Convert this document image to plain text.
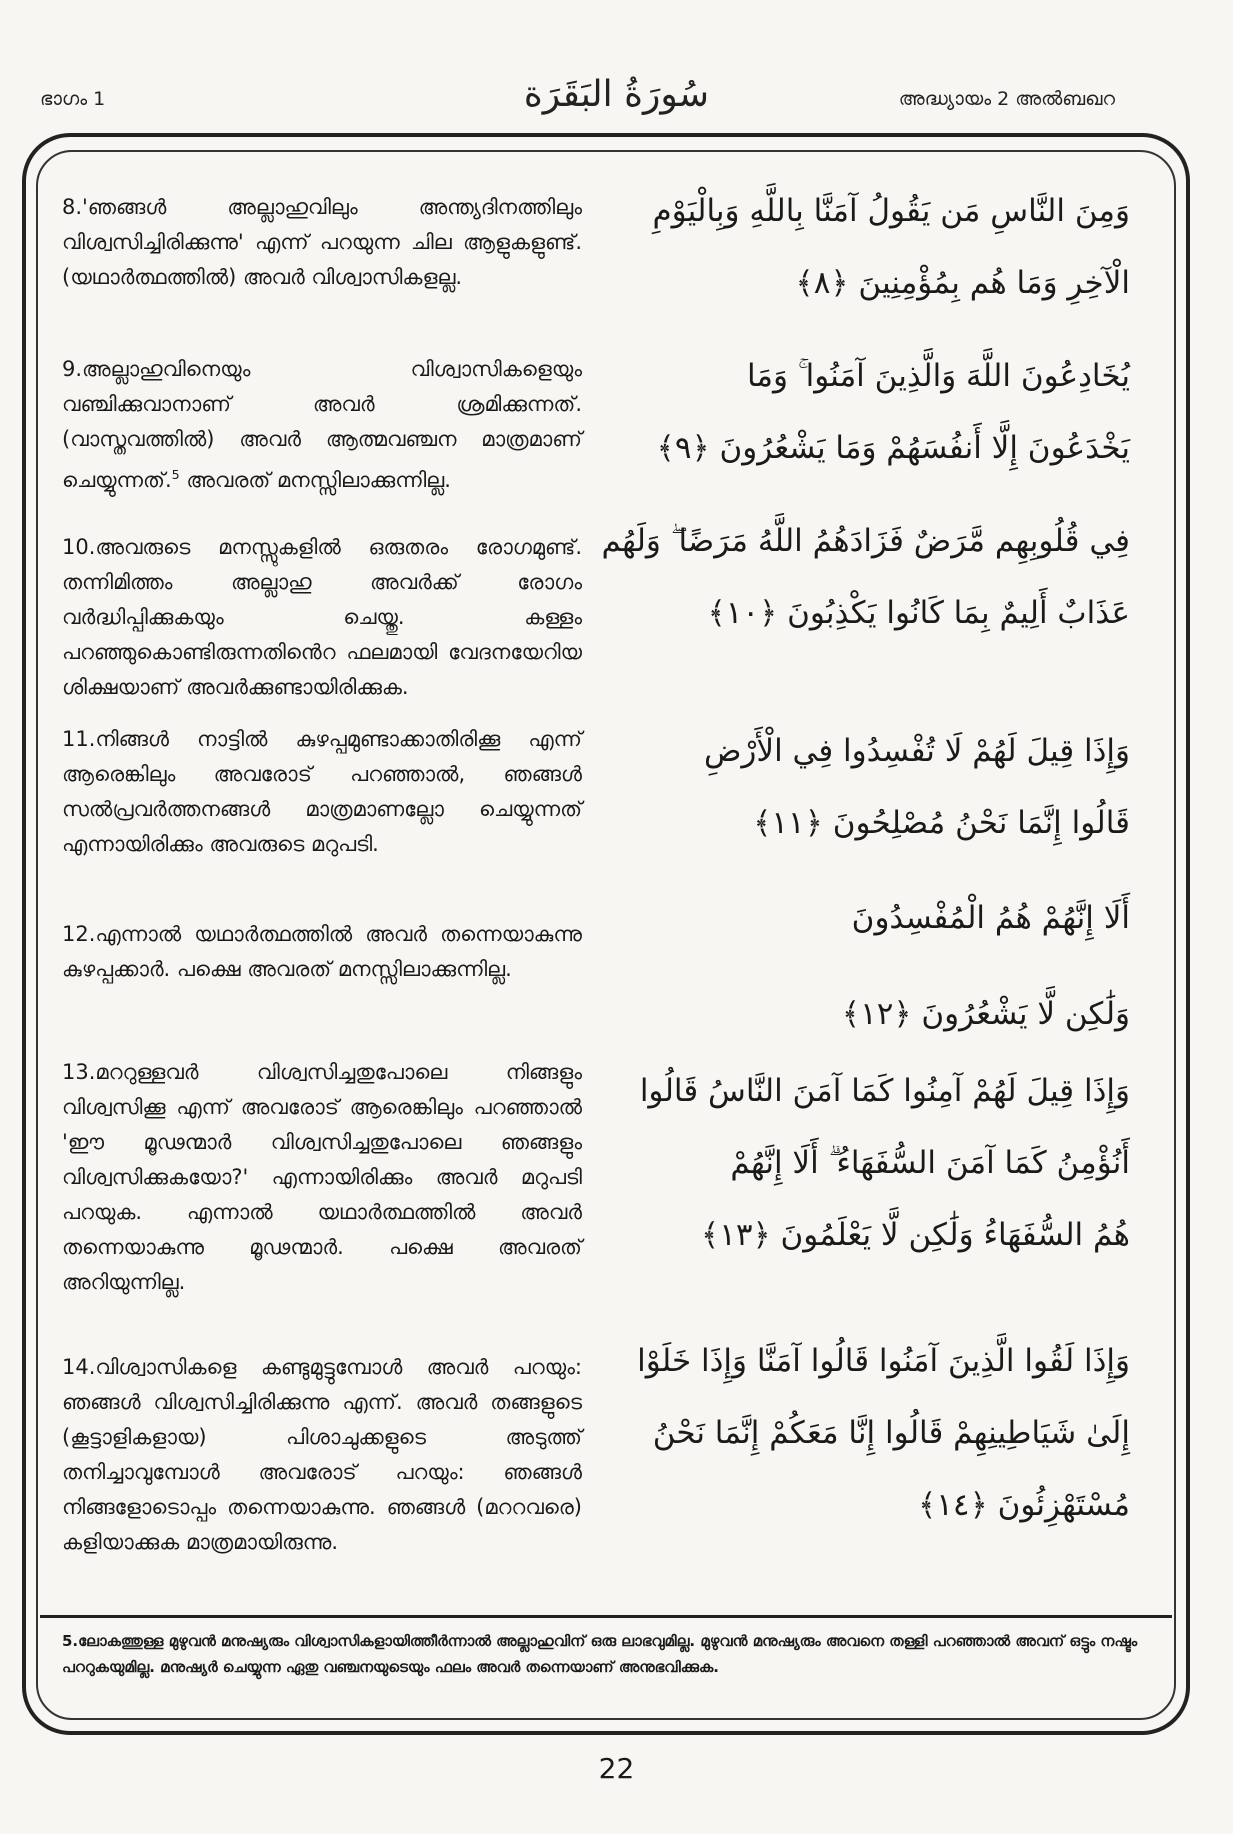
ഭാഗം 1	سُورَةُ البَقَرَة	അദ്ധ്യായം 2 അൽബഖറ
8.'ഞങ്ങൾ അല്ലാഹുവിലും അന്ത്യദിനത്തിലും വിശ്വസിച്ചിരിക്കുന്നു' എന്ന് പറയുന്ന ചില ആളുകളുണ്ട്. (യഥാർത്ഥത്തിൽ) അവർ വിശ്വാസികളല്ല.
9.അല്ലാഹുവിനെയും വിശ്വാസികളെയും വഞ്ചിക്കുവാനാണ് അവർ ശ്രമിക്കുന്നത്. (വാസ്തവത്തിൽ) അവർ ആത്മവഞ്ചന മാത്രമാണ് ചെയ്യുന്നത്.$^5$ അവരത് മനസ്സിലാക്കുന്നില്ല.
10.അവരുടെ മനസ്സുകളിൽ ഒരുതരം രോഗമുണ്ട്. തന്നിമിത്തം അല്ലാഹു അവർക്ക് രോഗം വർദ്ധിപ്പിക്കുകയും ചെയ്തു. കള്ളം പറഞ്ഞുകൊണ്ടിരുന്നതിൻെറ ഫലമായി വേദനയേറിയ ശിക്ഷയാണ് അവർക്കുണ്ടായിരിക്കുക.
11.നിങ്ങൾ നാട്ടിൽ കുഴപ്പമുണ്ടാക്കാതിരിക്കൂ എന്ന് ആരെങ്കിലും അവരോട് പറഞ്ഞാൽ, ഞങ്ങൾ സൽപ്രവർത്തനങ്ങൾ മാത്രമാണല്ലോ ചെയ്യുന്നത് എന്നായിരിക്കും അവരുടെ മറുപടി.
12.എന്നാൽ യഥാർത്ഥത്തിൽ അവർ തന്നെയാകുന്നു കുഴപ്പക്കാർ. പക്ഷെ അവരത് മനസ്സിലാക്കുന്നില്ല.
13.മററുള്ളവർ വിശ്വസിച്ചതുപോലെ നിങ്ങളും വിശ്വസിക്കൂ എന്ന് അവരോട് ആരെങ്കിലും പറഞ്ഞാൽ 'ഈ മൂഢന്മാർ വിശ്വസിച്ചതുപോലെ ഞങ്ങളും വിശ്വസിക്കുകയോ?' എന്നായിരിക്കും അവർ മറുപടി പറയുക. എന്നാൽ യഥാർത്ഥത്തിൽ അവർ തന്നെയാകുന്നു മൂഢന്മാർ. പക്ഷെ അവരത് അറിയുന്നില്ല.
14.വിശ്വാസികളെ കണ്ടുമുട്ടുമ്പോൾ അവർ പറയും: ഞങ്ങൾ വിശ്വസിച്ചിരിക്കുന്നു എന്ന്. അവർ തങ്ങളുടെ (കൂട്ടാളികളായ) പിശാചുക്കളുടെ അടുത്ത് തനിച്ചാവുമ്പോൾ അവരോട് പറയും: ഞങ്ങൾ നിങ്ങളോടൊപ്പം തന്നെയാകുന്നു. ഞങ്ങൾ (മററവരെ) കളിയാക്കുക മാത്രമായിരുന്നു.
وَمِنَ النَّاسِ مَن يَقُولُ آمَنَّا بِاللَّهِ وَبِالْيَوْمِ
الْآخِرِ وَمَا هُم بِمُؤْمِنِينَ ﴿٨﴾
يُخَادِعُونَ اللَّهَ وَالَّذِينَ آمَنُوا ۚ وَمَا
يَخْدَعُونَ إِلَّا أَنفُسَهُمْ وَمَا يَشْعُرُونَ ﴿٩﴾
فِي قُلُوبِهِم مَّرَضٌ فَزَادَهُمُ اللَّهُ مَرَضًا ۖ وَلَهُم
عَذَابٌ أَلِيمٌ بِمَا كَانُوا يَكْذِبُونَ ﴿١٠﴾
وَإِذَا قِيلَ لَهُمْ لَا تُفْسِدُوا فِي الْأَرْضِ
قَالُوا إِنَّمَا نَحْنُ مُصْلِحُونَ ﴿١١﴾
أَلَا إِنَّهُمْ هُمُ الْمُفْسِدُونَ
وَلَٰكِن لَّا يَشْعُرُونَ ﴿١٢﴾
وَإِذَا قِيلَ لَهُمْ آمِنُوا كَمَا آمَنَ النَّاسُ قَالُوا
أَنُؤْمِنُ كَمَا آمَنَ السُّفَهَاءُ ۗ أَلَا إِنَّهُمْ
هُمُ السُّفَهَاءُ وَلَٰكِن لَّا يَعْلَمُونَ ﴿١٣﴾
وَإِذَا لَقُوا الَّذِينَ آمَنُوا قَالُوا آمَنَّا وَإِذَا خَلَوْا
إِلَىٰ شَيَاطِينِهِمْ قَالُوا إِنَّا مَعَكُمْ إِنَّمَا نَحْنُ
مُسْتَهْزِئُونَ ﴿١٤﴾
5.ലോകത്തുള്ള മുഴുവൻ മനുഷ്യരും വിശ്വാസികളായിത്തീർന്നാൽ അല്ലാഹുവിന് ഒരു ലാഭവുമില്ല. മുഴുവൻ മനുഷ്യരും അവനെ തള്ളി പറഞ്ഞാൽ അവന് ഒട്ടും നഷ്ടം പററുകയുമില്ല. മനുഷ്യർ ചെയ്യുന്ന ഏതു വഞ്ചനയുടെയും ഫലം അവർ തന്നെയാണ് അനുഭവിക്കുക.
22
